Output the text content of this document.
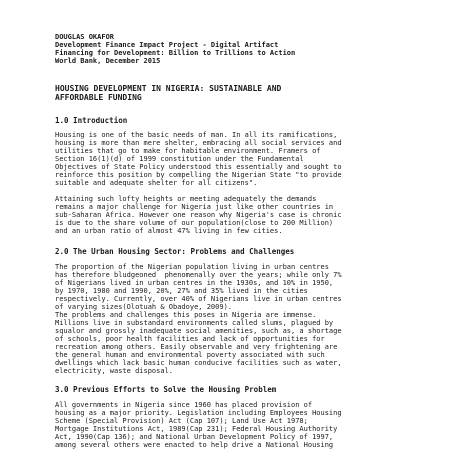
DOUGLAS OKAFOR
Development Finance Impact Project - Digital Artifact
Financing for Development: Billion to Trillions to Action
World Bank, December 2015
HOUSING DEVELOPMENT IN NIGERIA: SUSTAINABLE AND
AFFORDABLE FUNDING
1.0 Introduction
Housing is one of the basic needs of man. In all its ramifications,
housing is more than mere shelter, embracing all social services and
utilities that go to make for habitable environment. Framers of
Section 16(1)(d) of 1999 constitution under the Fundamental
Objectives of State Policy understood this essentially and sought to
reinforce this position by compelling the Nigerian State "to provide
suitable and adequate shelter for all citizens".
Attaining such lofty heights or meeting adequately the demands
remains a major challenge for Nigeria just like other countries in
sub-Saharan Africa. However one reason why Nigeria's case is chronic
is due to the share volume of our population(close to 200 Million)
and an urban ratio of almost 47% living in few cities.
2.0 The Urban Housing Sector: Problems and Challenges
The proportion of the Nigerian population living in urban centres
has therefore bludgeoned  phenomenally over the years; while only 7%
of Nigerians lived in urban centres in the 1930s, and 10% in 1950,
by 1970, 1980 and 1990, 20%, 27% and 35% lived in the cities
respectively. Currently, over 40% of Nigerians live in urban centres
of varying sizes(Olotuah & Obadoye, 2009).
The problems and challenges this poses in Nigeria are immense.
Millions live in substandard environments called slums, plagued by
squalor and grossly inadequate social amenities, such as, a shortage
of schools, poor health facilities and lack of opportunities for
recreation among others. Easily observable and very frightening are
the general human and environmental poverty associated with such
dwellings which lack basic human conducive facilities such as water,
electricity, waste disposal.
3.0 Previous Efforts to Solve the Housing Problem
All governments in Nigeria since 1960 has placed provision of
housing as a major priority. Legislation including Employees Housing
Scheme (Special Provision) Act (Cap 107); Land Use Act 1978;
Mortgage Institutions Act, 1989(Cap 231); Federal Housing Authority
Act, 1990(Cap 136); and National Urban Development Policy of 1997,
among several others were enacted to help drive a National Housing
